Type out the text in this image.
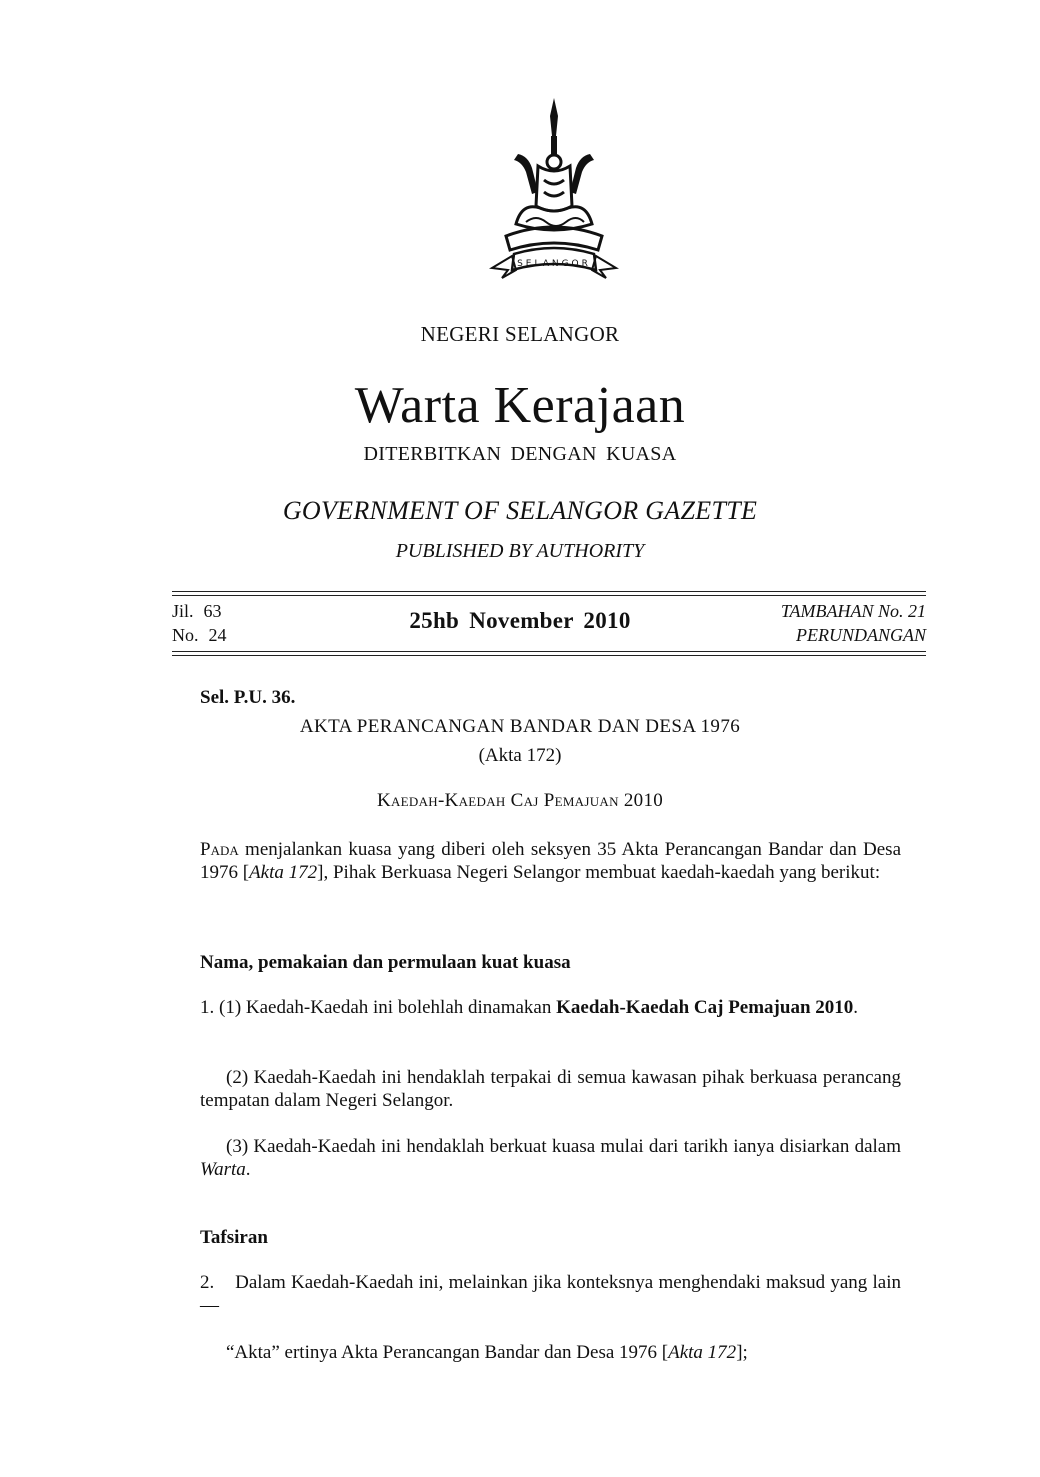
SELANGOR
NEGERI SELANGOR
Warta Kerajaan
DITERBITKAN DENGAN KUASA
GOVERNMENT OF SELANGOR GAZETTE
PUBLISHED BY AUTHORITY
Jil. 63
No. 24
25hb November 2010	TAMBAHAN No. 21
PERUNDANGAN
Sel. P.U. 36.
AKTA PERANCANGAN BANDAR DAN DESA 1976
(Akta 172)
Kaedah-Kaedah Caj Pemajuan 2010
Pada menjalankan kuasa yang diberi oleh seksyen 35 Akta Perancangan Bandar dan Desa 1976 [Akta 172], Pihak Berkuasa Negeri Selangor membuat kaedah-kaedah yang berikut:
Nama, pemakaian dan permulaan kuat kuasa
1. (1) Kaedah-Kaedah ini bolehlah dinamakan Kaedah-Kaedah Caj Pemajuan 2010.
(2) Kaedah-Kaedah ini hendaklah terpakai di semua kawasan pihak berkuasa perancang tempatan dalam Negeri Selangor.
(3) Kaedah-Kaedah ini hendaklah berkuat kuasa mulai dari tarikh ianya disiarkan dalam Warta.
Tafsiran
2.    Dalam Kaedah-Kaedah ini, melainkan jika konteksnya menghendaki maksud yang lain—
“Akta” ertinya Akta Perancangan Bandar dan Desa 1976 [Akta 172];
